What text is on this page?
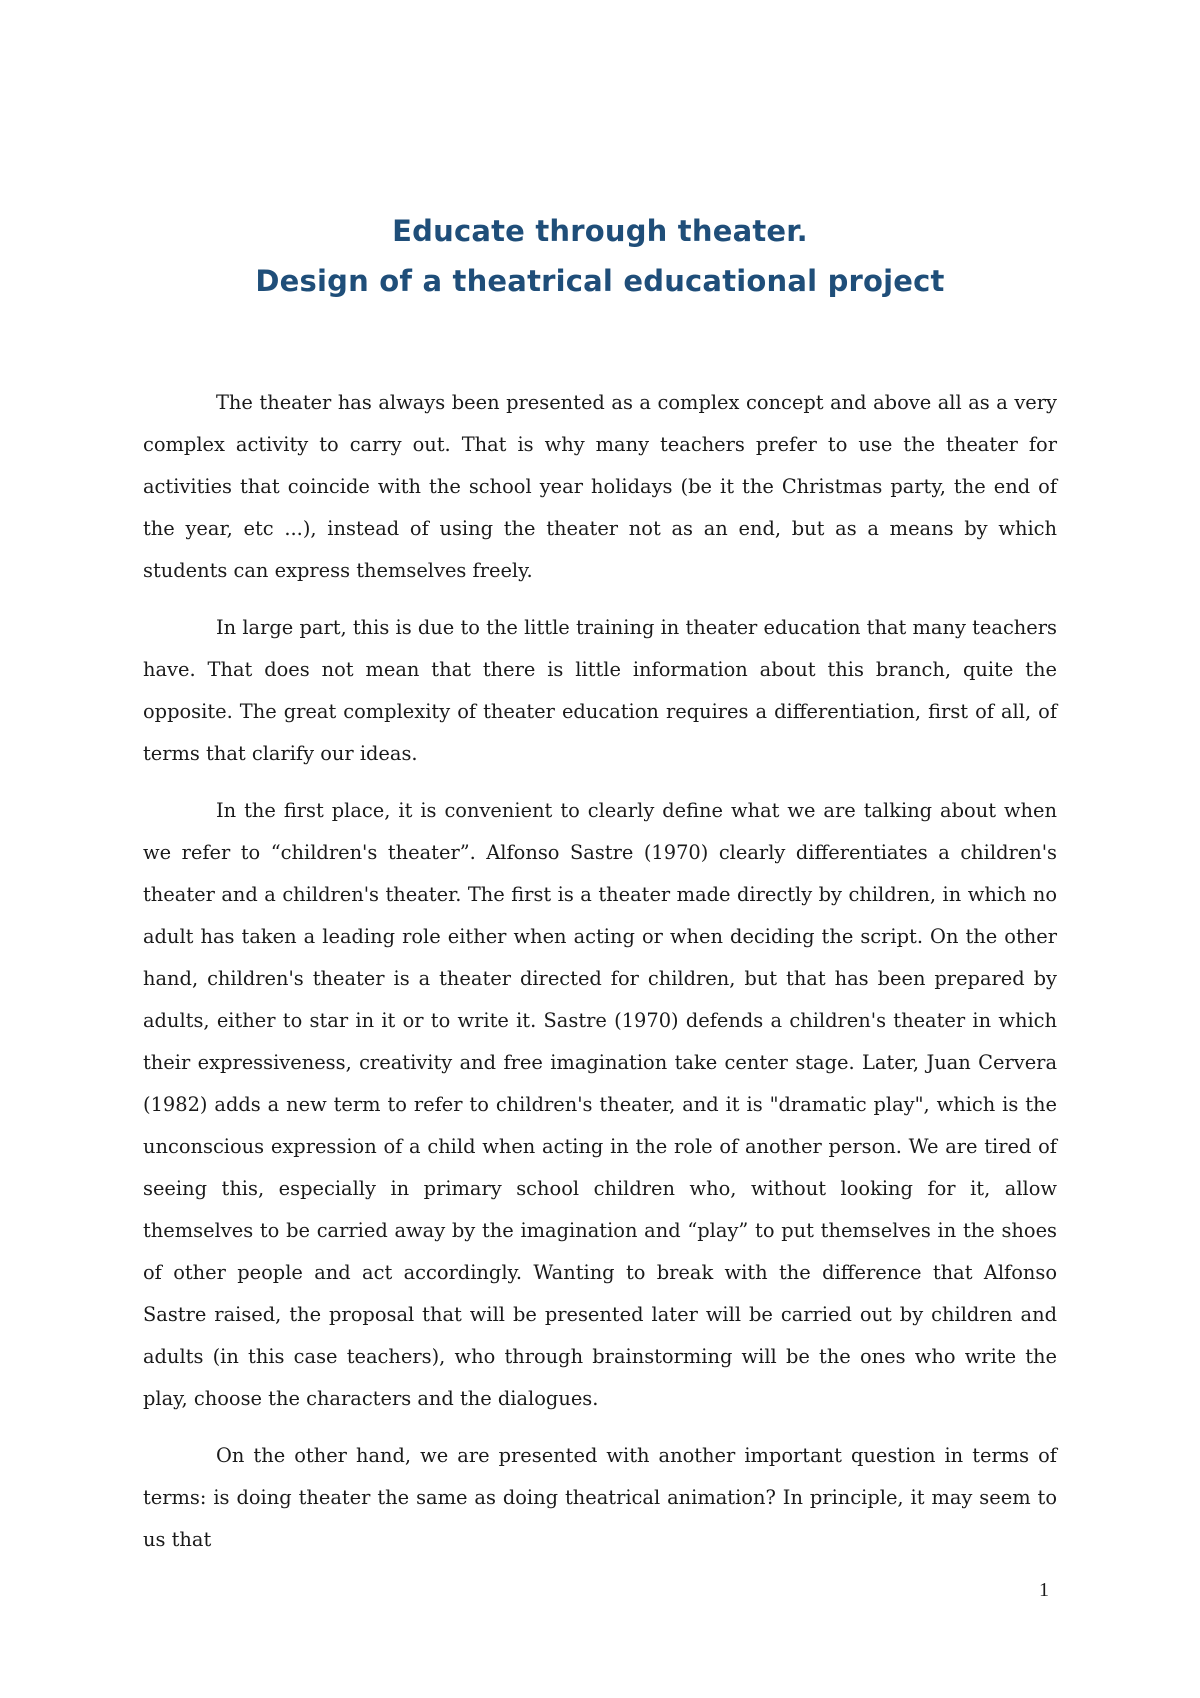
Educate through theater.
Design of a theatrical educational project

The theater has always been presented as a complex concept and above all as a very complex activity to carry out. That is why many teachers prefer to use the theater for activities that coincide with the school year holidays (be it the Christmas party, the end of the year, etc ...), instead of using the theater not as an end, but as a means by which students can express themselves freely.

In large part, this is due to the little training in theater education that many teachers have. That does not mean that there is little information about this branch, quite the opposite. The great complexity of theater education requires a differentiation, first of all, of terms that clarify our ideas.

In the first place, it is convenient to clearly define what we are talking about when we refer to “children's theater”. Alfonso Sastre (1970) clearly differentiates a children's theater and a children's theater. The first is a theater made directly by children, in which no adult has taken a leading role either when acting or when deciding the script. On the other hand, children's theater is a theater directed for children, but that has been prepared by adults, either to star in it or to write it. Sastre (1970) defends a children's theater in which their expressiveness, creativity and free imagination take center stage. Later, Juan Cervera (1982) adds a new term to refer to children's theater, and it is "dramatic play", which is the unconscious expression of a child when acting in the role of another person. We are tired of seeing this, especially in primary school children who, without looking for it, allow themselves to be carried away by the imagination and “play” to put themselves in the shoes of other people and act accordingly. Wanting to break with the difference that Alfonso Sastre raised, the proposal that will be presented later will be carried out by children and adults (in this case teachers), who through brainstorming will be the ones who write the play, choose the characters and the dialogues.

On the other hand, we are presented with another important question in terms of terms: is doing theater the same as doing theatrical animation? In principle, it may seem to us that

1
